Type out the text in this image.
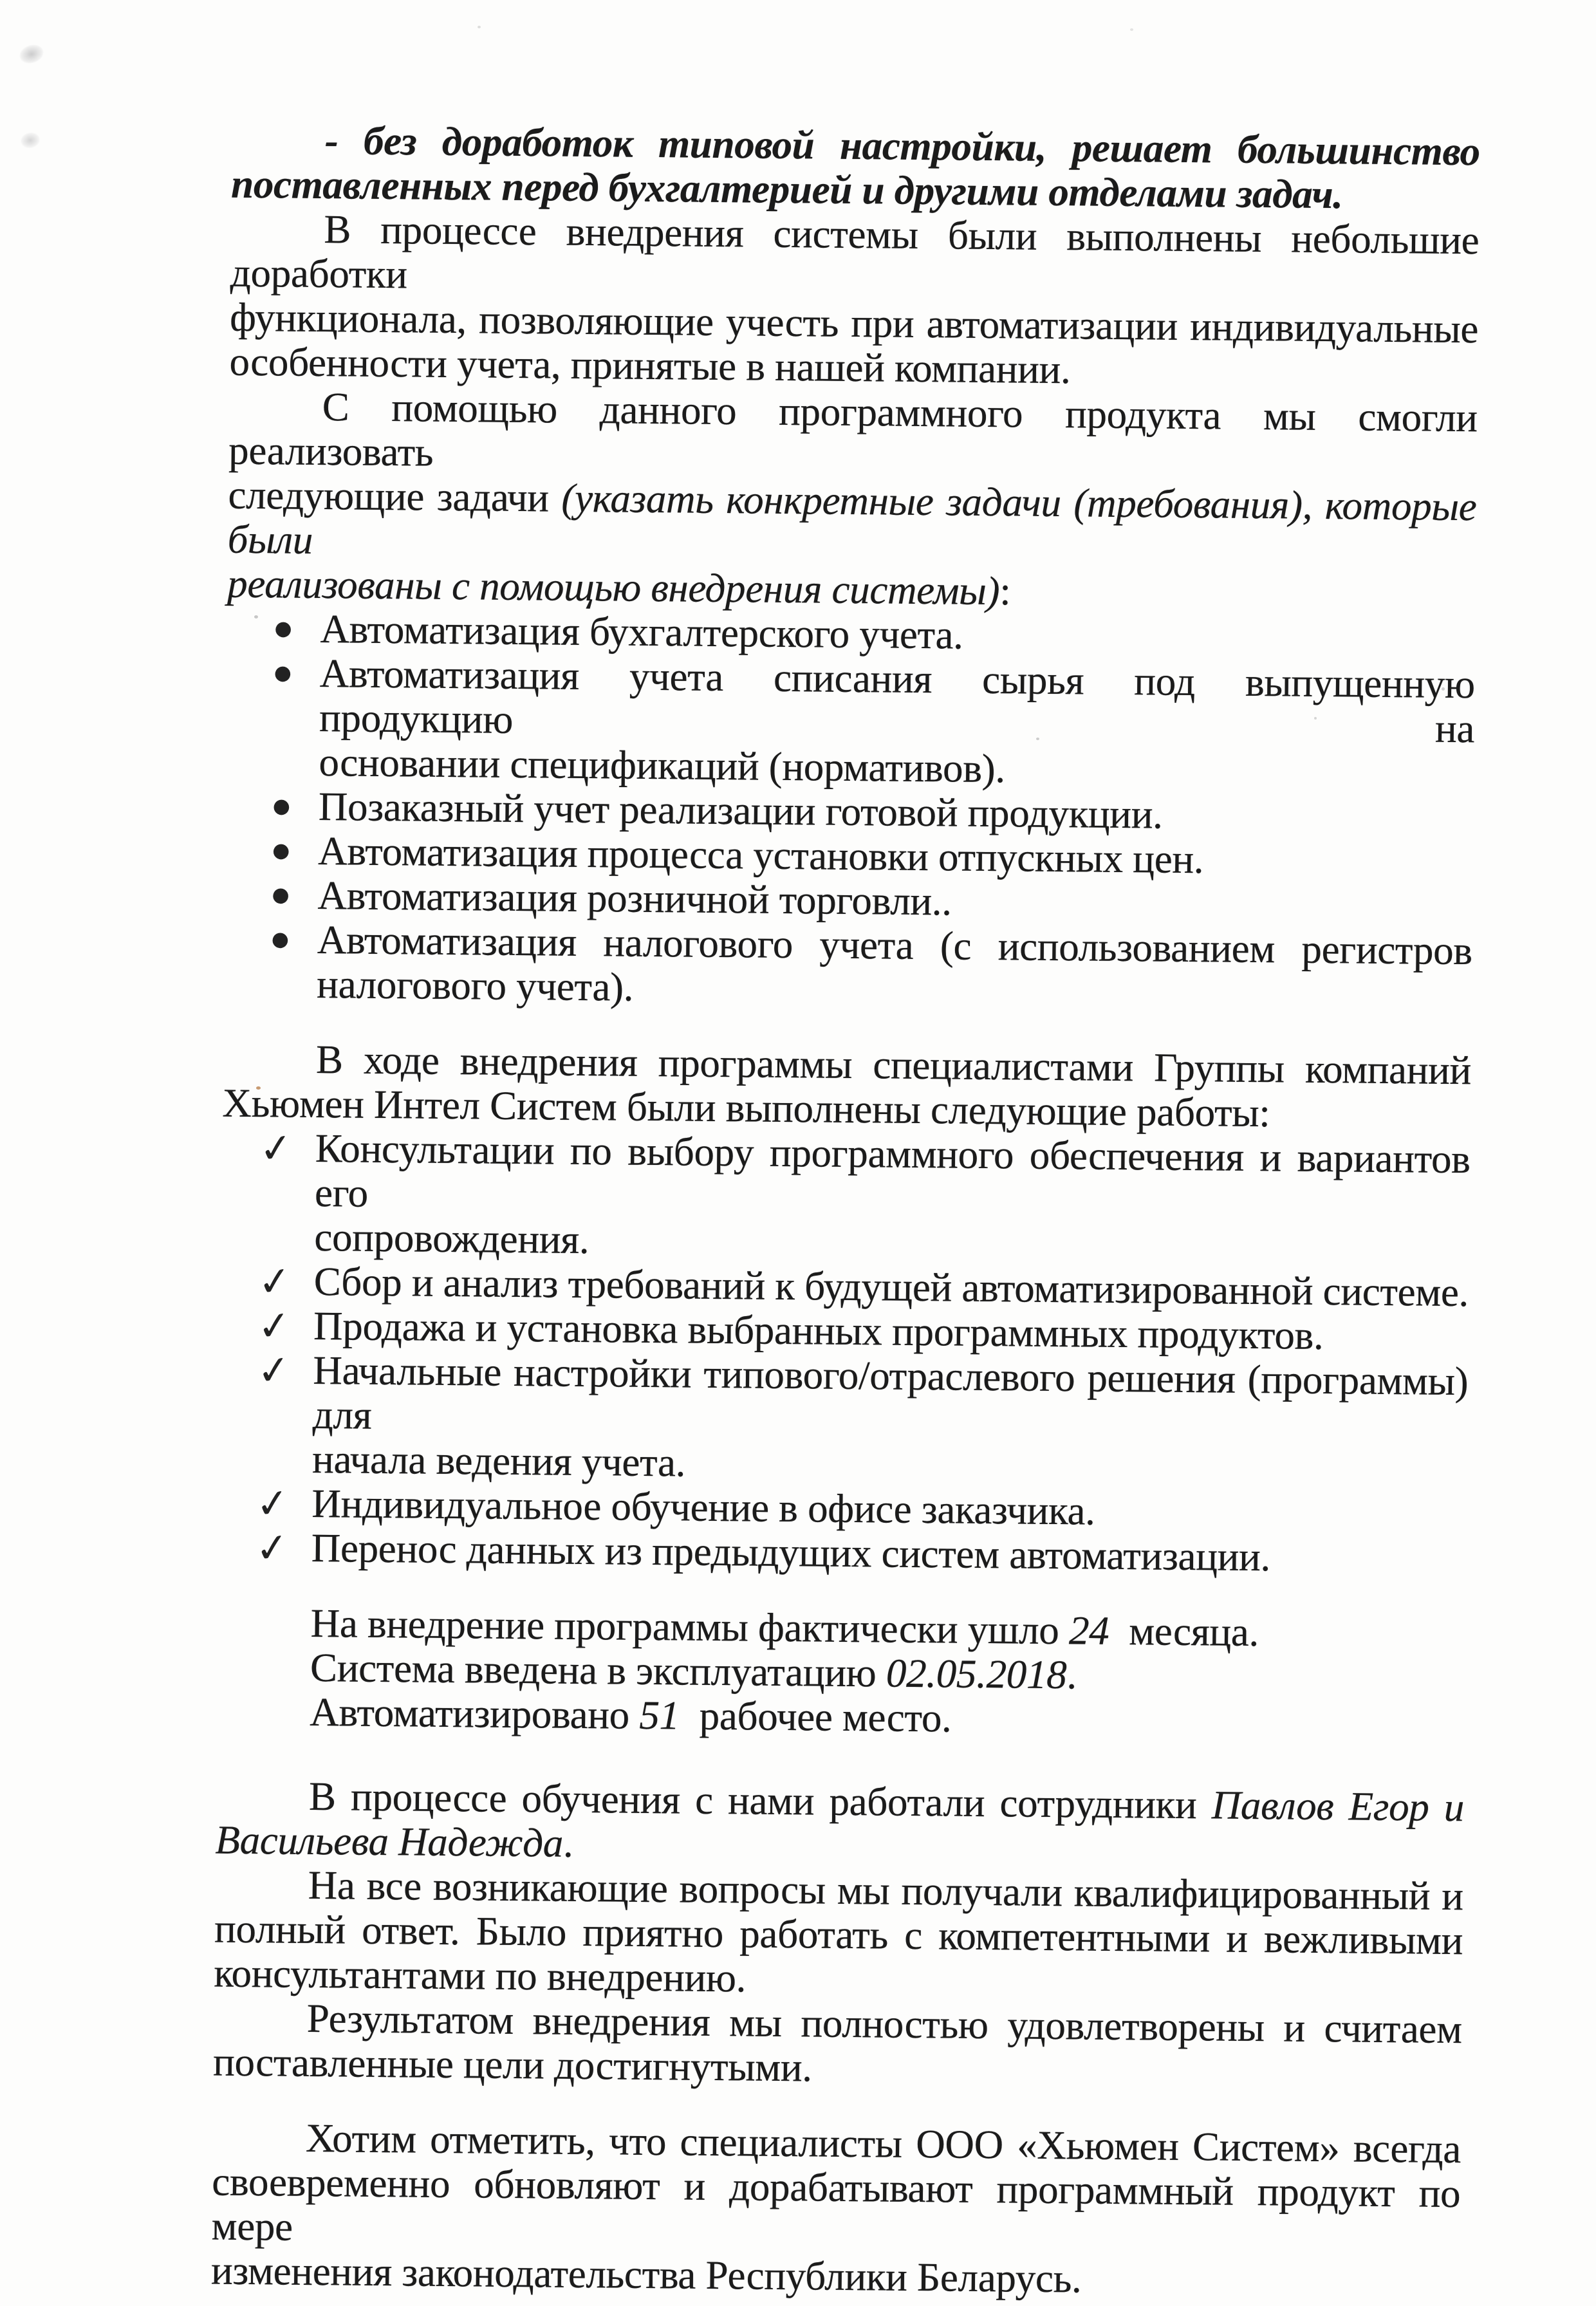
- без доработок типовой настройки, решает большинство
поставленных перед бухгалтерией и другими отделами задач.
В процессе внедрения системы были выполнены небольшие доработки
функционала, позволяющие учесть при автоматизации индивидуальные
особенности учета, принятые в нашей компании.
С помощью данного программного продукта мы смогли реализовать
следующие задачи (указать конкретные задачи (требования), которые были
реализованы с помощью внедрения системы):
● Автоматизация бухгалтерского учета.
● Автоматизация учета списания сырья под выпущенную продукцию на
основании спецификаций (нормативов).
● Позаказный учет реализации готовой продукции.
● Автоматизация процесса установки отпускных цен.
● Автоматизация розничной торговли..
● Автоматизация налогового учета (с использованием регистров
налогового учета).
В ходе внедрения программы специалистами Группы компаний
Хьюмен Интел Систем были выполнены следующие работы:
✓ Консультации по выбору программного обеспечения и вариантов его
сопровождения.
✓ Сбор и анализ требований к будущей автоматизированной системе.
✓ Продажа и установка выбранных программных продуктов.
✓ Начальные настройки типового/отраслевого решения (программы) для
начала ведения учета.
✓ Индивидуальное обучение в офисе заказчика.
✓ Перенос данных из предыдущих систем автоматизации.
На внедрение программы фактически ушло 24  месяца.
Система введена в эксплуатацию 02.05.2018.
Автоматизировано 51  рабочее место.
В процессе обучения с нами работали сотрудники Павлов Егор и
Васильева Надежда.
На все возникающие вопросы мы получали квалифицированный и
полный ответ. Было приятно работать с компетентными и вежливыми
консультантами по внедрению.
Результатом внедрения мы полностью удовлетворены и считаем
поставленные цели достигнутыми.
Хотим отметить, что специалисты ООО «Хьюмен Систем» всегда
своевременно обновляют и дорабатывают программный продукт по мере
изменения законодательства Республики Беларусь.
